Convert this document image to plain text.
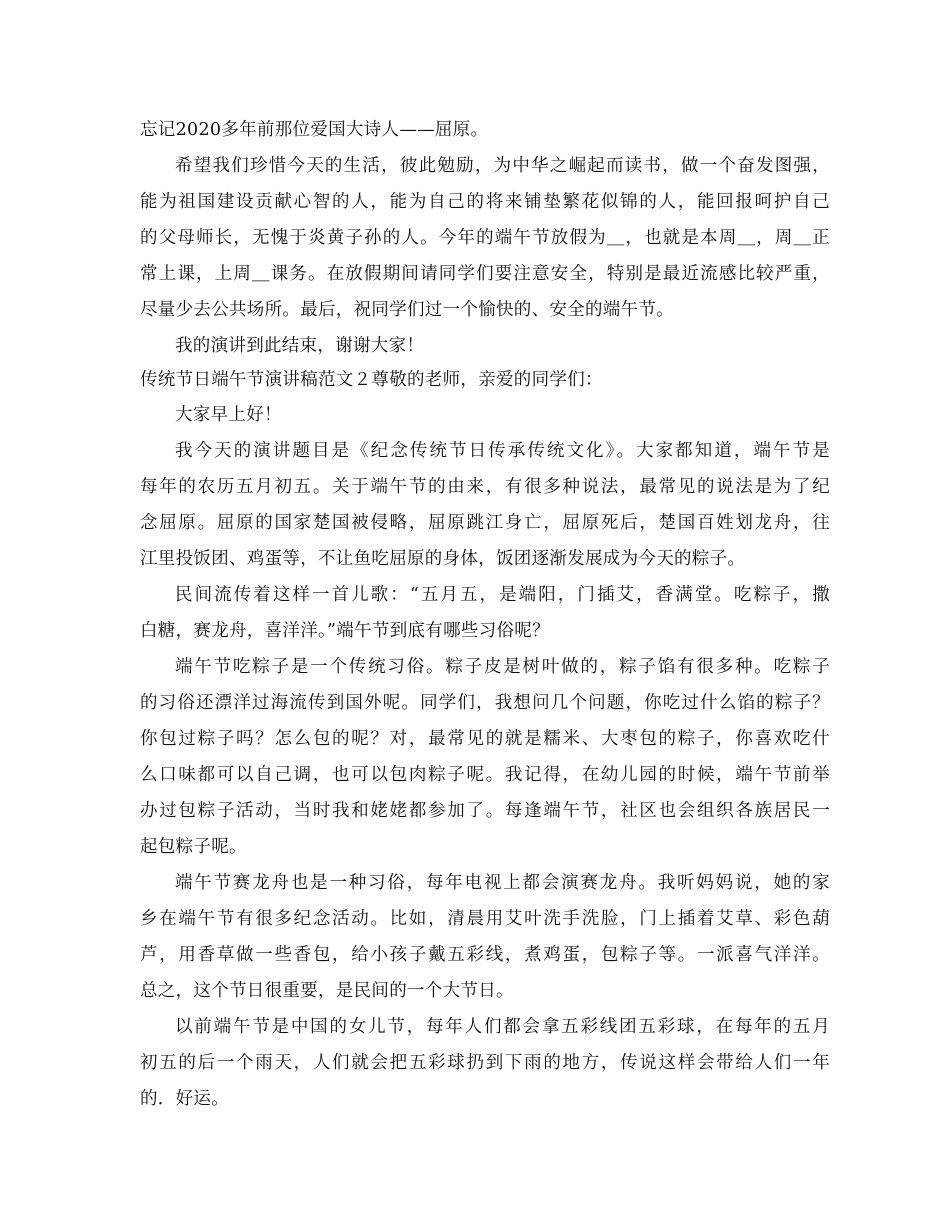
忘记2020多年前那位爱国大诗人——屈原。
希望我们珍惜今天的生活，彼此勉励，为中华之崛起而读书，做一个奋发图强，
能为祖国建设贡献心智的人，能为自己的将来铺垫繁花似锦的人，能回报呵护自己
的父母师长，无愧于炎黄子孙的人。今年的端午节放假为＿，也就是本周＿，周＿正
常上课，上周＿课务。在放假期间请同学们要注意安全，特别是最近流感比较严重，
尽量少去公共场所。最后，祝同学们过一个愉快的、安全的端午节。
我的演讲到此结束，谢谢大家！
传统节日端午节演讲稿范文２尊敬的老师，亲爱的同学们：
大家早上好！
我今天的演讲题目是《纪念传统节日传承传统文化》。大家都知道，端午节是
每年的农历五月初五。关于端午节的由来，有很多种说法，最常见的说法是为了纪
念屈原。屈原的国家楚国被侵略，屈原跳江身亡，屈原死后，楚国百姓划龙舟，往
江里投饭团、鸡蛋等，不让鱼吃屈原的身体，饭团逐渐发展成为今天的粽子。
民间流传着这样一首儿歌：“五月五，是端阳，门插艾，香满堂。吃粽子，撒
白糖，赛龙舟，喜洋洋。”端午节到底有哪些习俗呢？
端午节吃粽子是一个传统习俗。粽子皮是树叶做的，粽子馅有很多种。吃粽子
的习俗还漂洋过海流传到国外呢。同学们，我想问几个问题，你吃过什么馅的粽子？
你包过粽子吗？怎么包的呢？对，最常见的就是糯米、大枣包的粽子，你喜欢吃什
么口味都可以自己调，也可以包肉粽子呢。我记得，在幼儿园的时候，端午节前举
办过包粽子活动，当时我和姥姥都参加了。每逢端午节，社区也会组织各族居民一
起包粽子呢。
端午节赛龙舟也是一种习俗，每年电视上都会演赛龙舟。我听妈妈说，她的家
乡在端午节有很多纪念活动。比如，清晨用艾叶洗手洗脸，门上插着艾草、彩色葫
芦，用香草做一些香包，给小孩子戴五彩线，煮鸡蛋，包粽子等。一派喜气洋洋。
总之，这个节日很重要，是民间的一个大节日。
以前端午节是中国的女儿节，每年人们都会拿五彩线团五彩球，在每年的五月
初五的后一个雨天，人们就会把五彩球扔到下雨的地方，传说这样会带给人们一年
的．好运。
